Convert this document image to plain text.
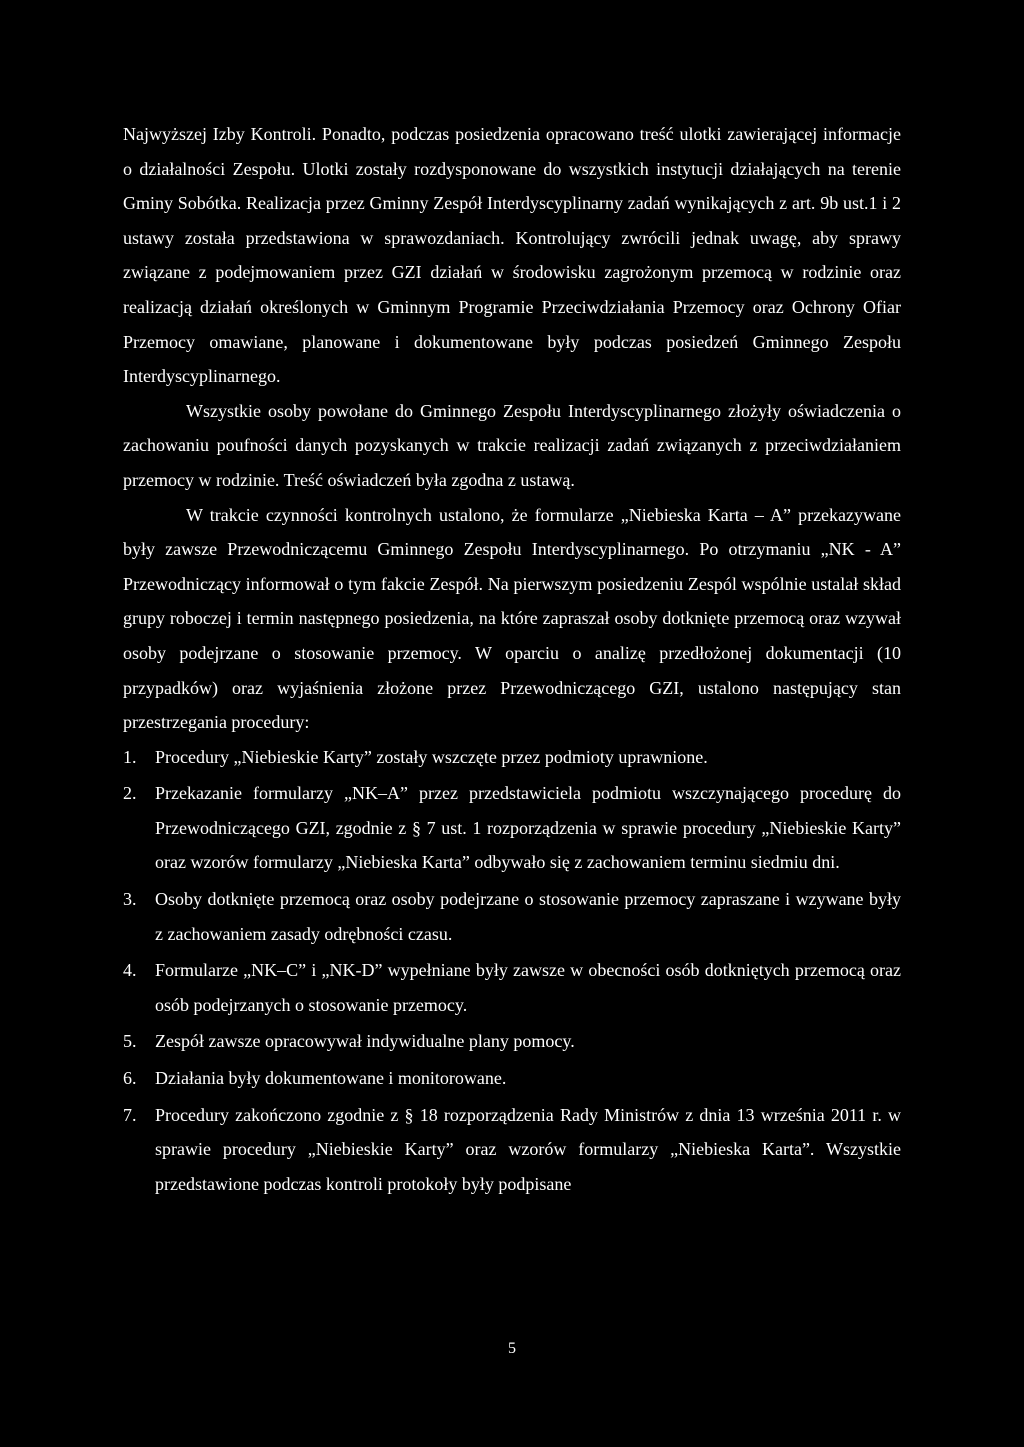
Najwyższej Izby Kontroli. Ponadto, podczas posiedzenia opracowano treść ulotki zawierającej informacje o działalności Zespołu. Ulotki zostały rozdysponowane do wszystkich instytucji działających na terenie Gminy Sobótka. Realizacja przez Gminny Zespół Interdyscyplinarny zadań wynikających z art. 9b ust.1 i 2 ustawy została przedstawiona w sprawozdaniach. Kontrolujący zwrócili jednak uwagę, aby sprawy związane z podejmowaniem przez GZI działań w środowisku zagrożonym przemocą w rodzinie oraz realizacją działań określonych w Gminnym Programie Przeciwdziałania Przemocy oraz Ochrony Ofiar Przemocy omawiane, planowane i dokumentowane były podczas posiedzeń Gminnego Zespołu Interdyscyplinarnego.

Wszystkie osoby powołane do Gminnego Zespołu Interdyscyplinarnego złożyły oświadczenia o zachowaniu poufności danych pozyskanych w trakcie realizacji zadań związanych z przeciwdziałaniem przemocy w rodzinie. Treść oświadczeń była zgodna z ustawą.

W trakcie czynności kontrolnych ustalono, że formularze „Niebieska Karta – A” przekazywane były zawsze Przewodniczącemu Gminnego Zespołu Interdyscyplinarnego. Po otrzymaniu „NK - A” Przewodniczący informował o tym fakcie Zespół. Na pierwszym posiedzeniu Zespól wspólnie ustalał skład grupy roboczej i termin następnego posiedzenia, na które zapraszał osoby dotknięte przemocą oraz wzywał osoby podejrzane o stosowanie przemocy. W oparciu o analizę przedłożonej dokumentacji (10 przypadków) oraz wyjaśnienia złożone przez Przewodniczącego GZI, ustalono następujący stan przestrzegania procedury:

1.	Procedury „Niebieskie Karty” zostały wszczęte przez podmioty uprawnione.
2.	Przekazanie formularzy „NK–A” przez przedstawiciela podmiotu wszczynającego procedurę do Przewodniczącego GZI, zgodnie z § 7 ust. 1 rozporządzenia w sprawie procedury „Niebieskie Karty” oraz wzorów formularzy „Niebieska Karta” odbywało się z zachowaniem terminu siedmiu dni.
3.	Osoby dotknięte przemocą oraz osoby podejrzane o stosowanie przemocy zapraszane i wzywane były z zachowaniem zasady odrębności czasu.
4.	Formularze „NK–C” i „NK-D” wypełniane były zawsze w obecności osób dotkniętych przemocą oraz osób podejrzanych o stosowanie przemocy.
5.	Zespół zawsze opracowywał indywidualne plany pomocy.
6.	Działania były dokumentowane i monitorowane.
7.	Procedury zakończono zgodnie z § 18 rozporządzenia Rady Ministrów z dnia 13 września 2011 r. w sprawie procedury „Niebieskie Karty” oraz wzorów formularzy „Niebieska Karta”. Wszystkie przedstawione podczas kontroli protokoły były podpisane
5
